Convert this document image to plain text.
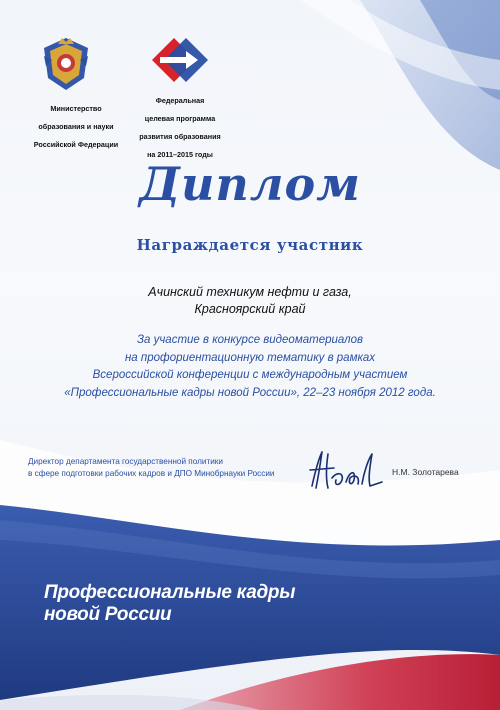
Министерство

образования и науки

Российской Федерации

Федеральная

целевая программа

развития образования

на 2011–2015 годы

Диплом
Награждается участник
Ачинский техникум нефти и газа,
Красноярский край
За участие в конкурсе видеоматериалов
на профориентационную тематику в рамках
Всероссийской конференции с международным участием
«Профессиональные кадры новой России», 22–23 ноября 2012 года.
Директор департамента государственной политики
в сфере подготовки рабочих кадров и ДПО Минобрнауки России	Н.М. Золотарева
Профессиональные кадры
новой России
